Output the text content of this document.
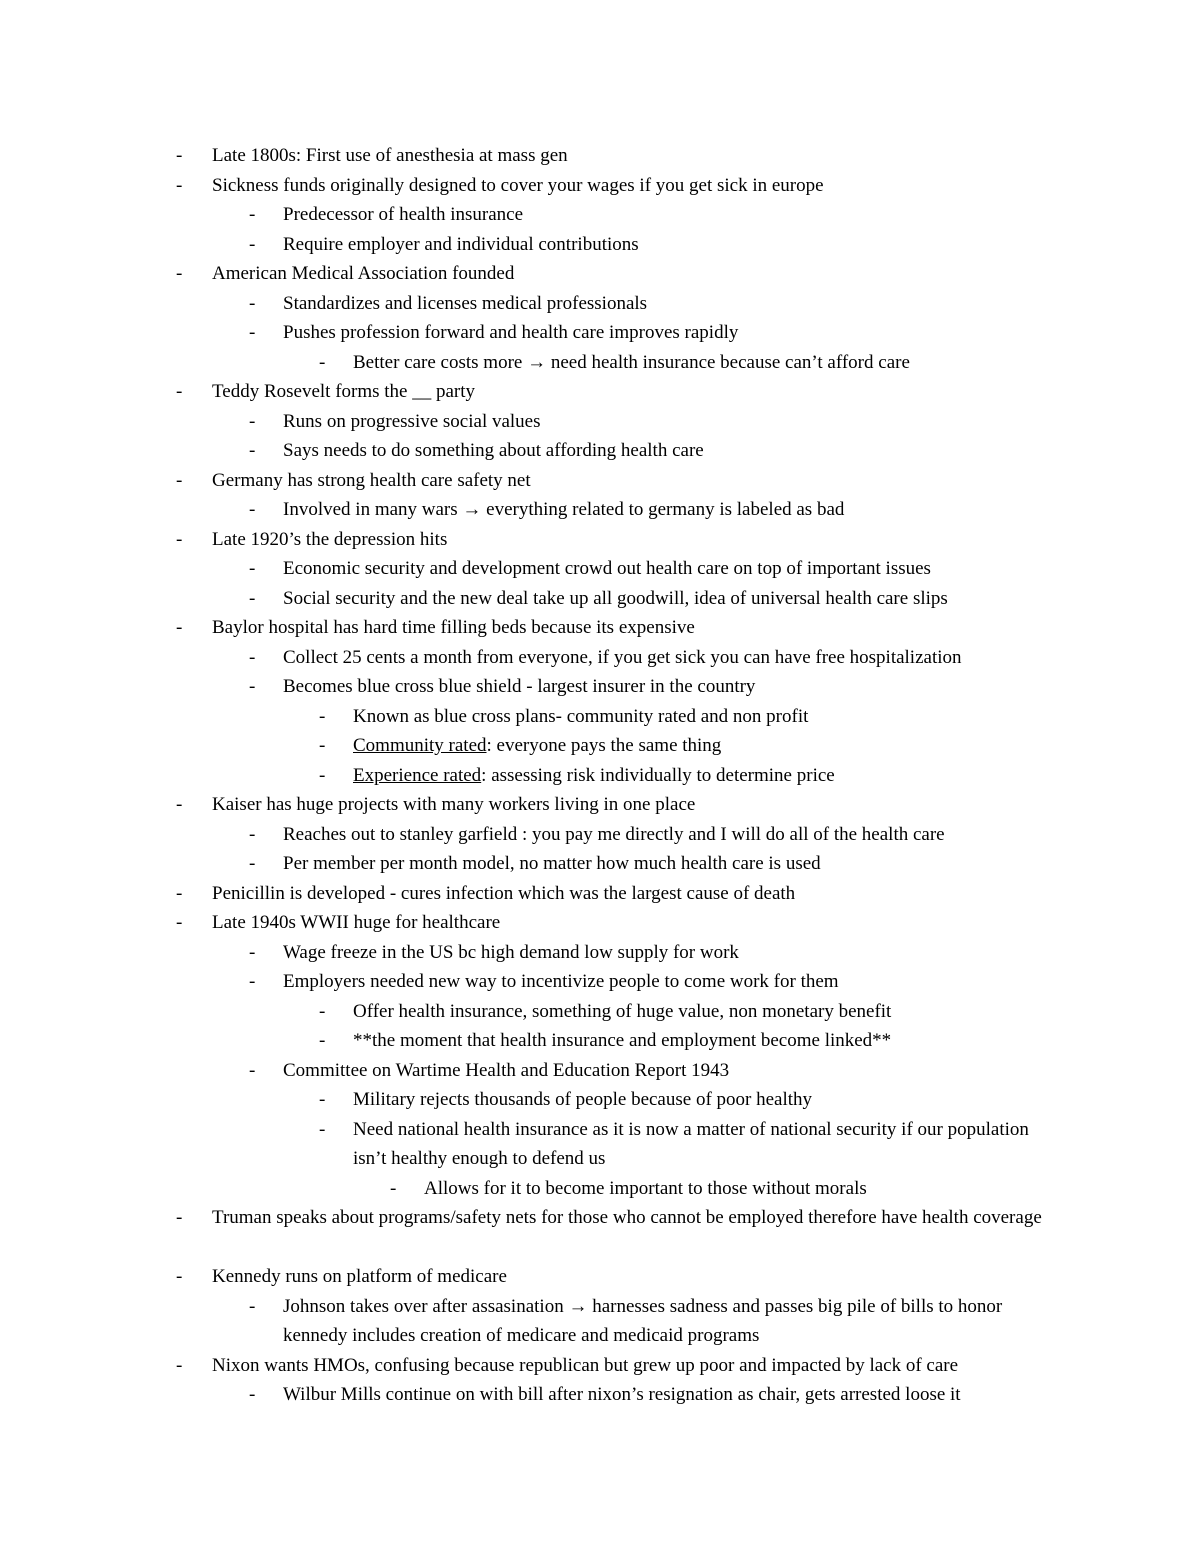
- Late 1800s: First use of anesthesia at mass gen
- Sickness funds originally designed to cover your wages if you get sick in europe
- Predecessor of health insurance
- Require employer and individual contributions
- American Medical Association founded
- Standardizes and licenses medical professionals
- Pushes profession forward and health care improves rapidly
- Better care costs more → need health insurance because can’t afford care
- Teddy Rosevelt forms the __ party
- Runs on progressive social values
- Says needs to do something about affording health care
- Germany has strong health care safety net
- Involved in many wars → everything related to germany is labeled as bad
- Late 1920’s the depression hits
- Economic security and development crowd out health care on top of important issues
- Social security and the new deal take up all goodwill, idea of universal health care slips
- Baylor hospital has hard time filling beds because its expensive
- Collect 25 cents a month from everyone, if you get sick you can have free hospitalization
- Becomes blue cross blue shield - largest insurer in the country
- Known as blue cross plans- community rated and non profit
- Community rated: everyone pays the same thing
- Experience rated: assessing risk individually to determine price
- Kaiser has huge projects with many workers living in one place
- Reaches out to stanley garfield : you pay me directly and I will do all of the health care
- Per member per month model, no matter how much health care is used
- Penicillin is developed - cures infection which was the largest cause of death
- Late 1940s WWII huge for healthcare
- Wage freeze in the US bc high demand low supply for work
- Employers needed new way to incentivize people to come work for them
- Offer health insurance, something of huge value, non monetary benefit
- **the moment that health insurance and employment become linked**
- Committee on Wartime Health and Education Report 1943
- Military rejects thousands of people because of poor healthy
- Need national health insurance as it is now a matter of national security if our population isn’t healthy enough to defend us
- Allows for it to become important to those without morals
- Truman speaks about programs/safety nets for those who cannot be employed therefore have health coverage
- Kennedy runs on platform of medicare
- Johnson takes over after assasination → harnesses sadness and passes big pile of bills to honor kennedy includes creation of medicare and medicaid programs
- Nixon wants HMOs, confusing because republican but grew up poor and impacted by lack of care
- Wilbur Mills continue on with bill after nixon’s resignation as chair, gets arrested loose it
